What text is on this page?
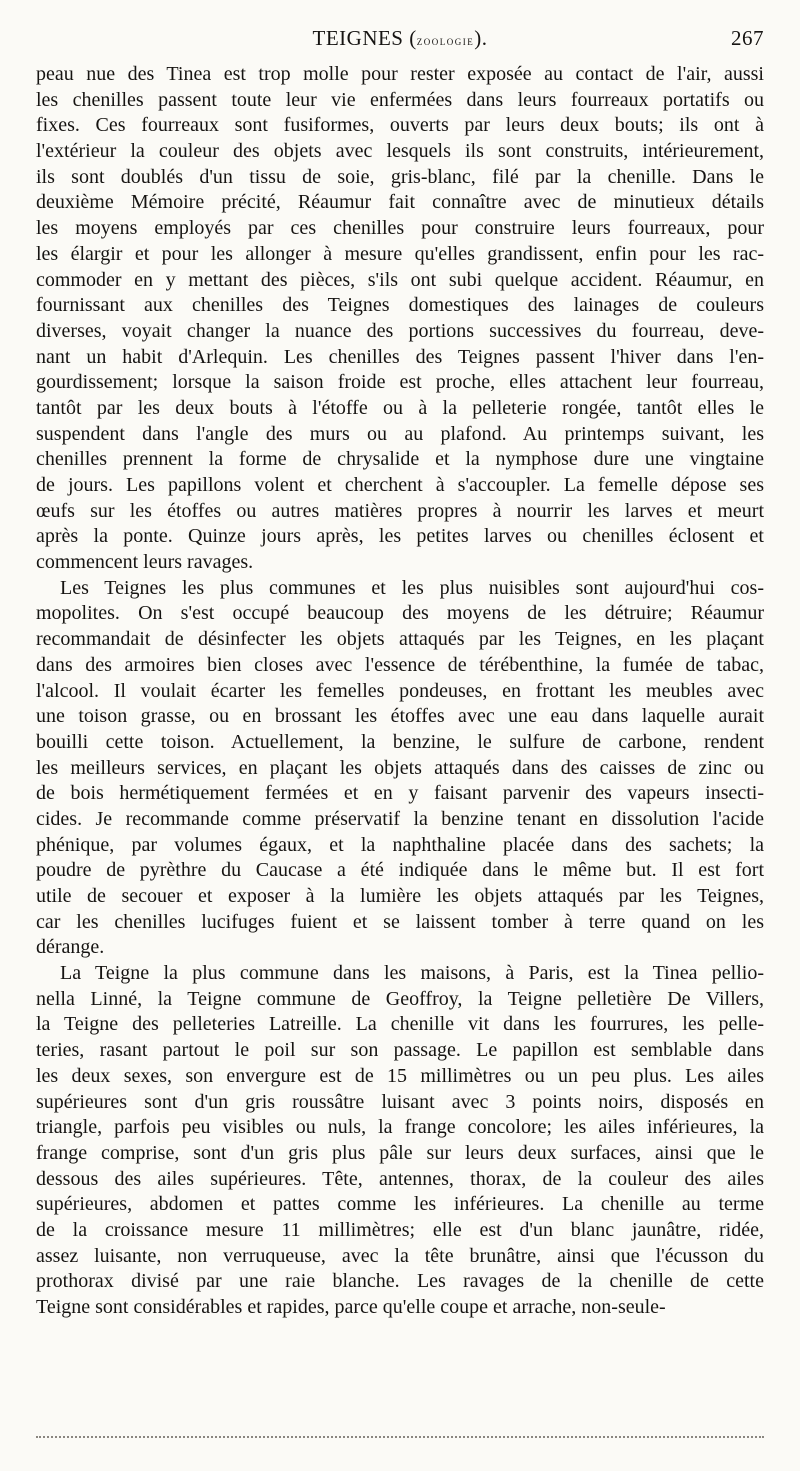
TEIGNES (zoologie).	267
peau nue des Tinea est trop molle pour rester exposée au contact de l'air, aussi
les chenilles passent toute leur vie enfermées dans leurs fourreaux portatifs ou
fixes. Ces fourreaux sont fusiformes, ouverts par leurs deux bouts; ils ont à
l'extérieur la couleur des objets avec lesquels ils sont construits, intérieurement,
ils sont doublés d'un tissu de soie, gris-blanc, filé par la chenille. Dans le
deuxième Mémoire précité, Réaumur fait connaître avec de minutieux détails
les moyens employés par ces chenilles pour construire leurs fourreaux, pour
les élargir et pour les allonger à mesure qu'elles grandissent, enfin pour les rac-
commoder en y mettant des pièces, s'ils ont subi quelque accident. Réaumur, en
fournissant aux chenilles des Teignes domestiques des lainages de couleurs
diverses, voyait changer la nuance des portions successives du fourreau, deve-
nant un habit d'Arlequin. Les chenilles des Teignes passent l'hiver dans l'en-
gourdissement; lorsque la saison froide est proche, elles attachent leur fourreau,
tantôt par les deux bouts à l'étoffe ou à la pelleterie rongée, tantôt elles le
suspendent dans l'angle des murs ou au plafond. Au printemps suivant, les
chenilles prennent la forme de chrysalide et la nymphose dure une vingtaine
de jours. Les papillons volent et cherchent à s'accoupler. La femelle dépose ses
œufs sur les étoffes ou autres matières propres à nourrir les larves et meurt
après la ponte. Quinze jours après, les petites larves ou chenilles éclosent et
commencent leurs ravages.
Les Teignes les plus communes et les plus nuisibles sont aujourd'hui cos-
mopolites. On s'est occupé beaucoup des moyens de les détruire; Réaumur
recommandait de désinfecter les objets attaqués par les Teignes, en les plaçant
dans des armoires bien closes avec l'essence de térébenthine, la fumée de tabac,
l'alcool. Il voulait écarter les femelles pondeuses, en frottant les meubles avec
une toison grasse, ou en brossant les étoffes avec une eau dans laquelle aurait
bouilli cette toison. Actuellement, la benzine, le sulfure de carbone, rendent
les meilleurs services, en plaçant les objets attaqués dans des caisses de zinc ou
de bois hermétiquement fermées et en y faisant parvenir des vapeurs insecti-
cides. Je recommande comme préservatif la benzine tenant en dissolution l'acide
phénique, par volumes égaux, et la naphthaline placée dans des sachets; la
poudre de pyrèthre du Caucase a été indiquée dans le même but. Il est fort
utile de secouer et exposer à la lumière les objets attaqués par les Teignes,
car les chenilles lucifuges fuient et se laissent tomber à terre quand on les
dérange.
La Teigne la plus commune dans les maisons, à Paris, est la Tinea pellio-
nella Linné, la Teigne commune de Geoffroy, la Teigne pelletière De Villers,
la Teigne des pelleteries Latreille. La chenille vit dans les fourrures, les pelle-
teries, rasant partout le poil sur son passage. Le papillon est semblable dans
les deux sexes, son envergure est de 15 millimètres ou un peu plus. Les ailes
supérieures sont d'un gris roussâtre luisant avec 3 points noirs, disposés en
triangle, parfois peu visibles ou nuls, la frange concolore; les ailes inférieures, la
frange comprise, sont d'un gris plus pâle sur leurs deux surfaces, ainsi que le
dessous des ailes supérieures. Tête, antennes, thorax, de la couleur des ailes
supérieures, abdomen et pattes comme les inférieures. La chenille au terme
de la croissance mesure 11 millimètres; elle est d'un blanc jaunâtre, ridée,
assez luisante, non verruqueuse, avec la tête brunâtre, ainsi que l'écusson du
prothorax divisé par une raie blanche. Les ravages de la chenille de cette
Teigne sont considérables et rapides, parce qu'elle coupe et arrache, non-seule-
